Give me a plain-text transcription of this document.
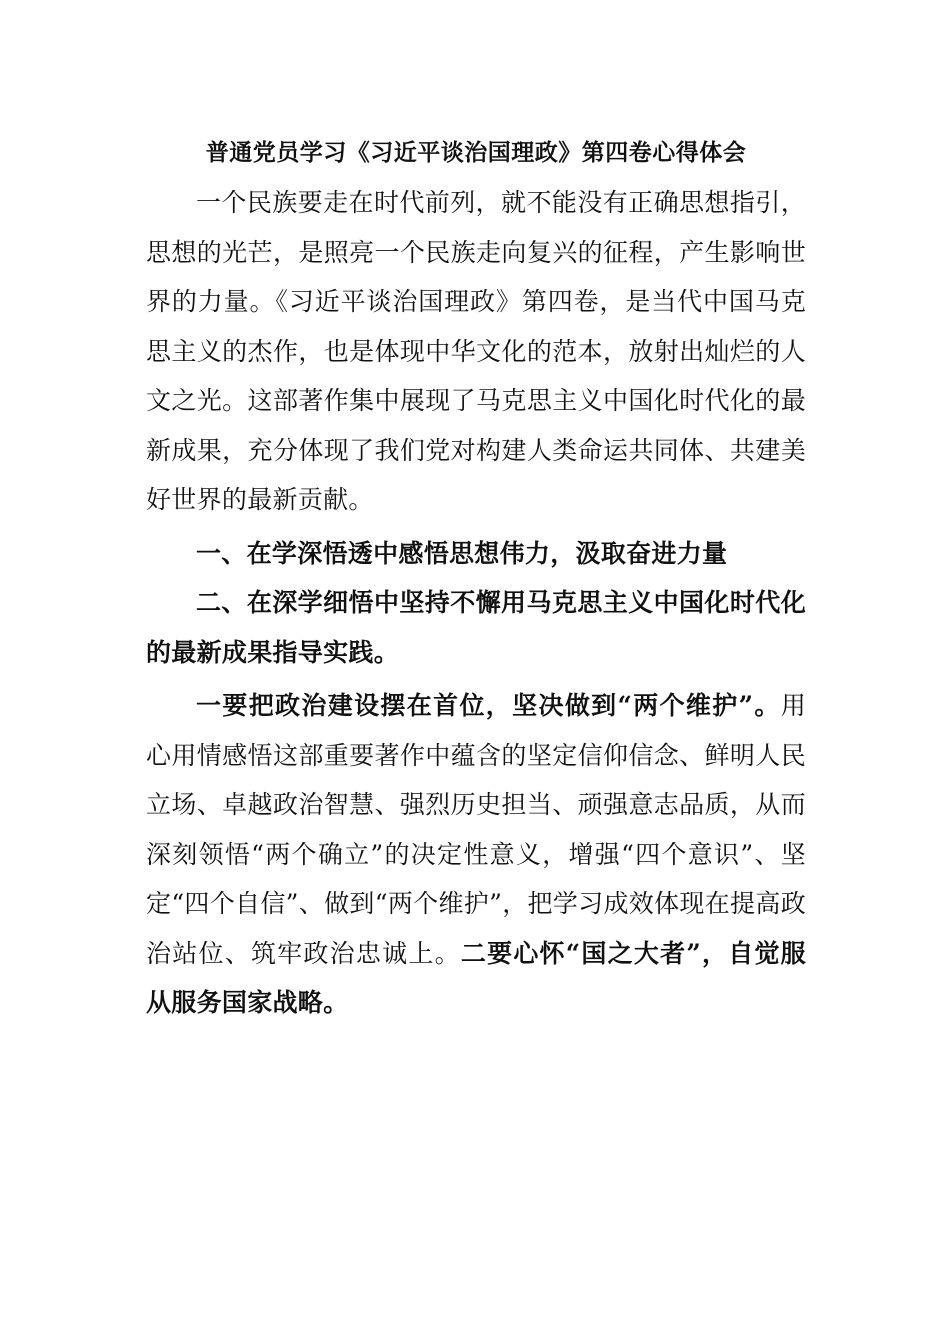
普通党员学习《习近平谈治国理政》第四卷心得体会

一个民族要走在时代前列，就不能没有正确思想指引，思想的光芒，是照亮一个民族走向复兴的征程，产生影响世界的力量。《习近平谈治国理政》第四卷，是当代中国马克思主义的杰作，也是体现中华文化的范本，放射出灿烂的人文之光。这部著作集中展现了马克思主义中国化时代化的最新成果，充分体现了我们党对构建人类命运共同体、共建美好世界的最新贡献。

一、在学深悟透中感悟思想伟力，汲取奋进力量

二、在深学细悟中坚持不懈用马克思主义中国化时代化的最新成果指导实践。

一要把政治建设摆在首位，坚决做到“两个维护”。用心用情感悟这部重要著作中蕴含的坚定信仰信念、鲜明人民立场、卓越政治智慧、强烈历史担当、顽强意志品质，从而深刻领悟“两个确立”的决定性意义，增强“四个意识”、坚定“四个自信”、做到“两个维护”，把学习成效体现在提高政治站位、筑牢政治忠诚上。二要心怀“国之大者”，自觉服从服务国家战略。
